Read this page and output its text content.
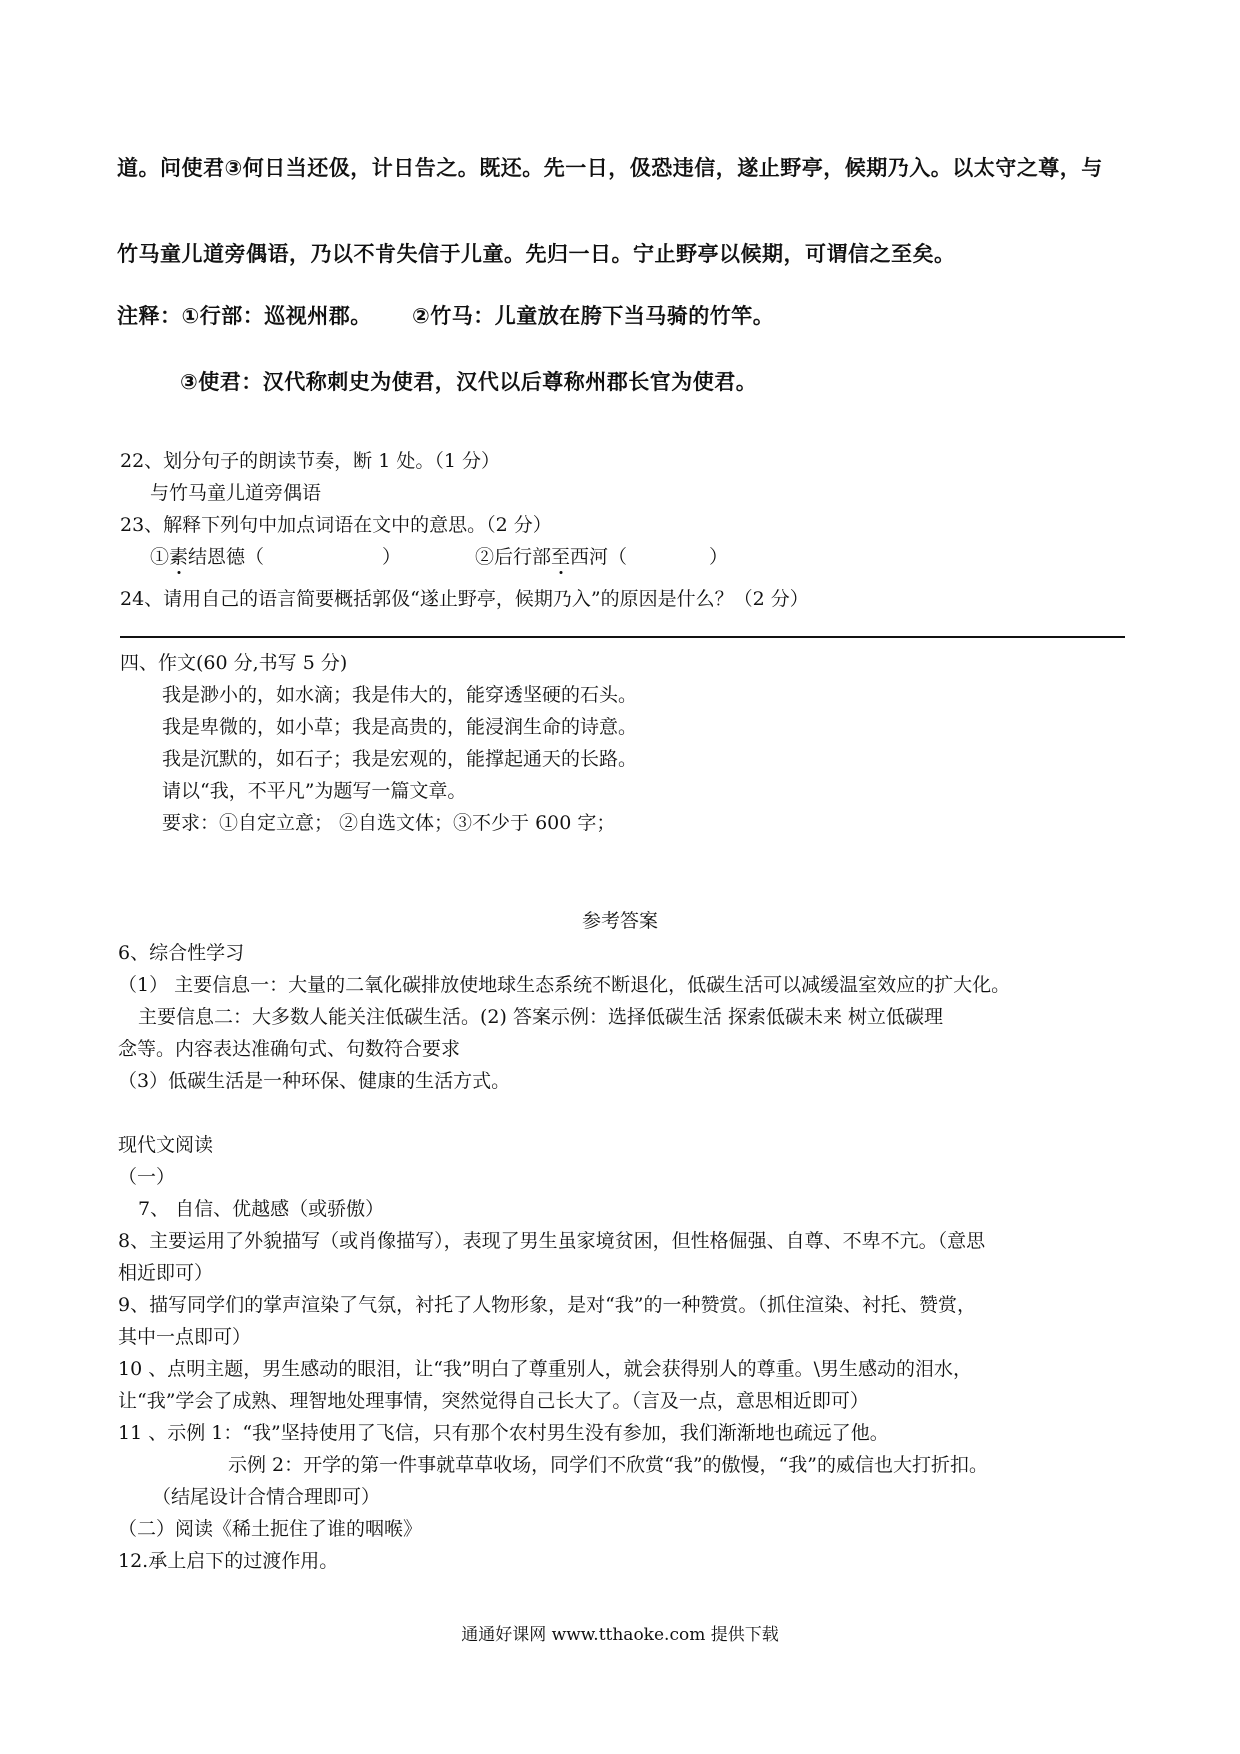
道。问使君③何日当还伋，计日告之。既还。先一日，伋恐违信，遂止野亭，候期乃入。以太守之尊，与
竹马童儿道旁偶语，乃以不肯失信于儿童。先归一日。宁止野亭以候期，可谓信之至矣。
注释：①行部：巡视州郡。 ②竹马：儿童放在胯下当马骑的竹竿。
③使君：汉代称刺史为使君，汉代以后尊称州郡长官为使君。
22、划分句子的朗读节奏，断 1 处。（1 分）
与竹马童儿道旁偶语
23、解释下列句中加点词语在文中的意思。（2 分）
①素结恩德（	）	②后行部至西河（	）
24、请用自己的语言简要概括郭伋“遂止野亭，候期乃入”的原因是什么？（2 分）
四、作文(60 分,书写 5 分)
我是渺小的，如水滴；我是伟大的，能穿透坚硬的石头。
我是卑微的，如小草；我是高贵的，能浸润生命的诗意。
我是沉默的，如石子；我是宏观的，能撑起通天的长路。
请以“我，不平凡”为题写一篇文章。
要求：①自定立意； ②自选文体；③不少于 600 字；
参考答案
6、综合性学习
（1） 主要信息一：大量的二氧化碳排放使地球生态系统不断退化，低碳生活可以减缓温室效应的扩大化。
主要信息二：大多数人能关注低碳生活。(2) 答案示例：选择低碳生活 探索低碳未来 树立低碳理
念等。内容表达准确句式、句数符合要求
（3）低碳生活是一种环保、健康的生活方式。
现代文阅读
（一）
7、 自信、优越感（或骄傲）
8、主要运用了外貌描写（或肖像描写），表现了男生虽家境贫困，但性格倔强、自尊、不卑不亢。（意思
相近即可）
9、描写同学们的掌声渲染了气氛，衬托了人物形象，是对“我”的一种赞赏。（抓住渲染、衬托、赞赏，
其中一点即可）
10 、点明主题，男生感动的眼泪，让“我”明白了尊重别人，就会获得别人的尊重。\男生感动的泪水，
让“我”学会了成熟、理智地处理事情，突然觉得自己长大了。（言及一点，意思相近即可）
11 、示例 1：“我”坚持使用了飞信，只有那个农村男生没有参加，我们渐渐地也疏远了他。
示例 2：开学的第一件事就草草收场，同学们不欣赏“我”的傲慢，“我”的威信也大打折扣。
（结尾设计合情合理即可）
（二）阅读《稀土扼住了谁的咽喉》
12.承上启下的过渡作用。
通通好课网 www.tthaoke.com 提供下载
